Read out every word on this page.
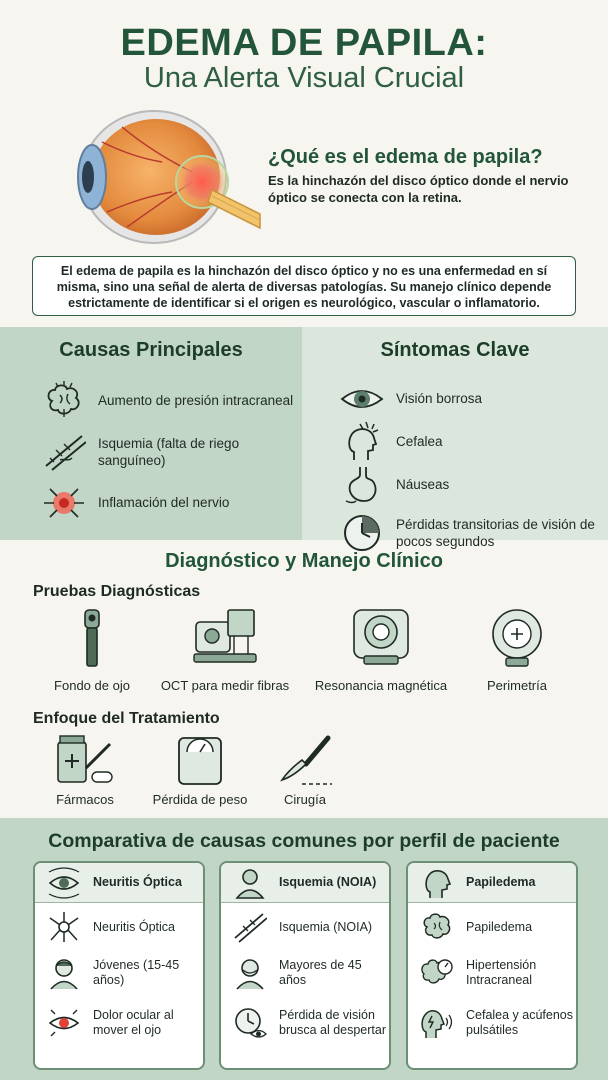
EDEMA DE PAPILA:
Una Alerta Visual Crucial
¿Qué es el edema de papila?
Es la hinchazón del disco óptico donde el nervio óptico se conecta con la retina.
El edema de papila es la hinchazón del disco óptico y no es una enfermedad en sí misma, sino una señal de alerta de diversas patologías. Su manejo clínico depende estrictamente de identificar si el origen es neurológico, vascular o inflamatorio.
Causas Principales
Aumento de presión intracraneal
Isquemia (falta de riego sanguíneo)
Inflamación del nervio
Síntomas Clave
Visión borrosa
Cefalea
Náuseas
Pérdidas transitorias de visión de pocos segundos
Diagnóstico y Manejo Clínico
Pruebas Diagnósticas
Fondo de ojo	OCT para medir fibras	Resonancia magnética	Perimetría
Enfoque del Tratamiento
Fármacos	Pérdida de peso	Cirugía
Comparativa de causas comunes por perfil de paciente
Neuritis Óptica
Neuritis Óptica
Jóvenes (15-45 años)
Dolor ocular al mover el ojo
Isquemia (NOIA)
Isquemia (NOIA)
Mayores de 45 años
Pérdida de visión brusca al despertar
Papiledema
Papiledema
Hipertensión Intracraneal
Cefalea y acúfenos pulsátiles
